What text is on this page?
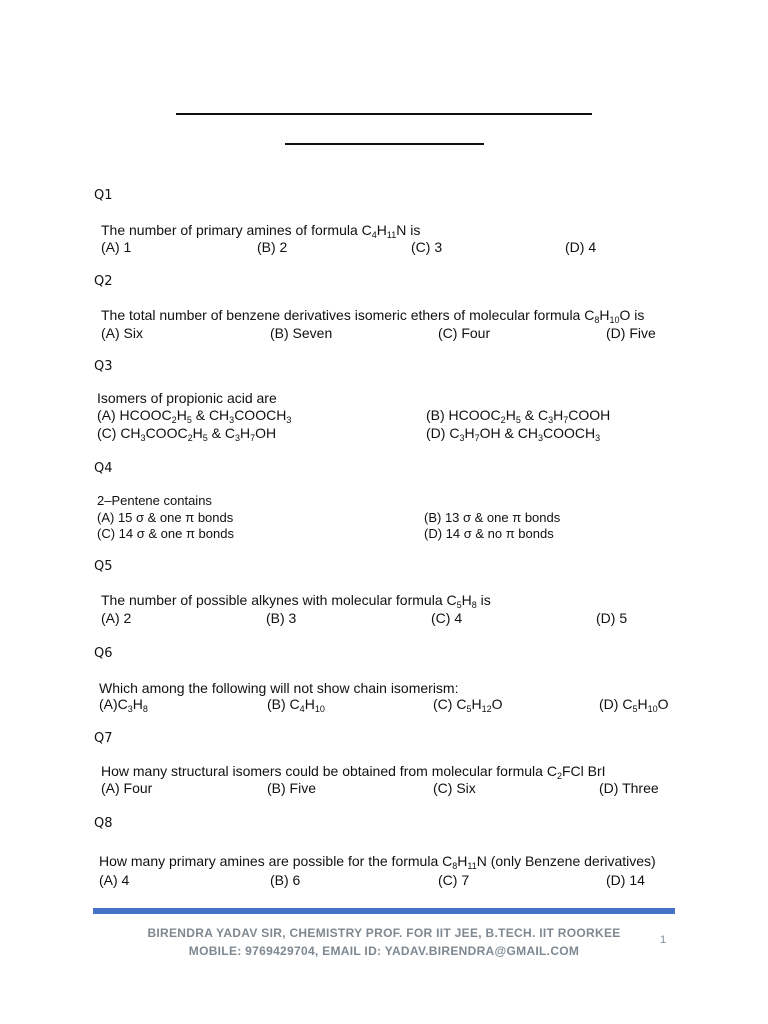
Q1
The number of primary amines of formula $C_4H_{11}N$ is
(A) 1	(B) 2	(C) 3	(D) 4
Q2
The total number of benzene derivatives isomeric ethers of molecular formula $C_8H_{10}O$ is
(A) Six	(B) Seven	(C) Four	(D) Five
Q3
Isomers of propionic acid are
(A) $HCOOC_2H_5$ & $CH_3COOCH_3$	(B) $HCOOC_2H_5$ & $C_3H_7COOH$
(C) $CH_3COOC_2H_5$ & $C_3H_7OH$	(D) $C_3H_7OH$ & $CH_3COOCH_3$
Q4
2–Pentene contains
(A) 15 σ & one π bonds	(B) 13 σ & one π bonds
(C) 14 σ & one π bonds	(D) 14 σ & no π bonds
Q5
The number of possible alkynes with molecular formula $C_5H_8$ is
(A) 2	(B) 3	(C) 4	(D) 5
Q6
Which among the following will not show chain isomerism:
$(A)C_3H_8$	(B) $C_4H_{10}$	(C) $C_5H_{12}O$	(D) $C_5H_{10}O$
Q7
How many structural isomers could be obtained from molecular formula $C_2FCl$ BrI
(A) Four	(B) Five	(C) Six	(D) Three
Q8
How many primary amines are possible for the formula $C_8H_{11}N$ (only Benzene derivatives)
(A) 4	(B) 6	(C) 7	(D) 14
BIRENDRA YADAV SIR, CHEMISTRY PROF. FOR IIT JEE, B.TECH. IIT ROORKEE
MOBILE: 9769429704, EMAIL ID: YADAV.BIRENDRA@GMAIL.COM
1
